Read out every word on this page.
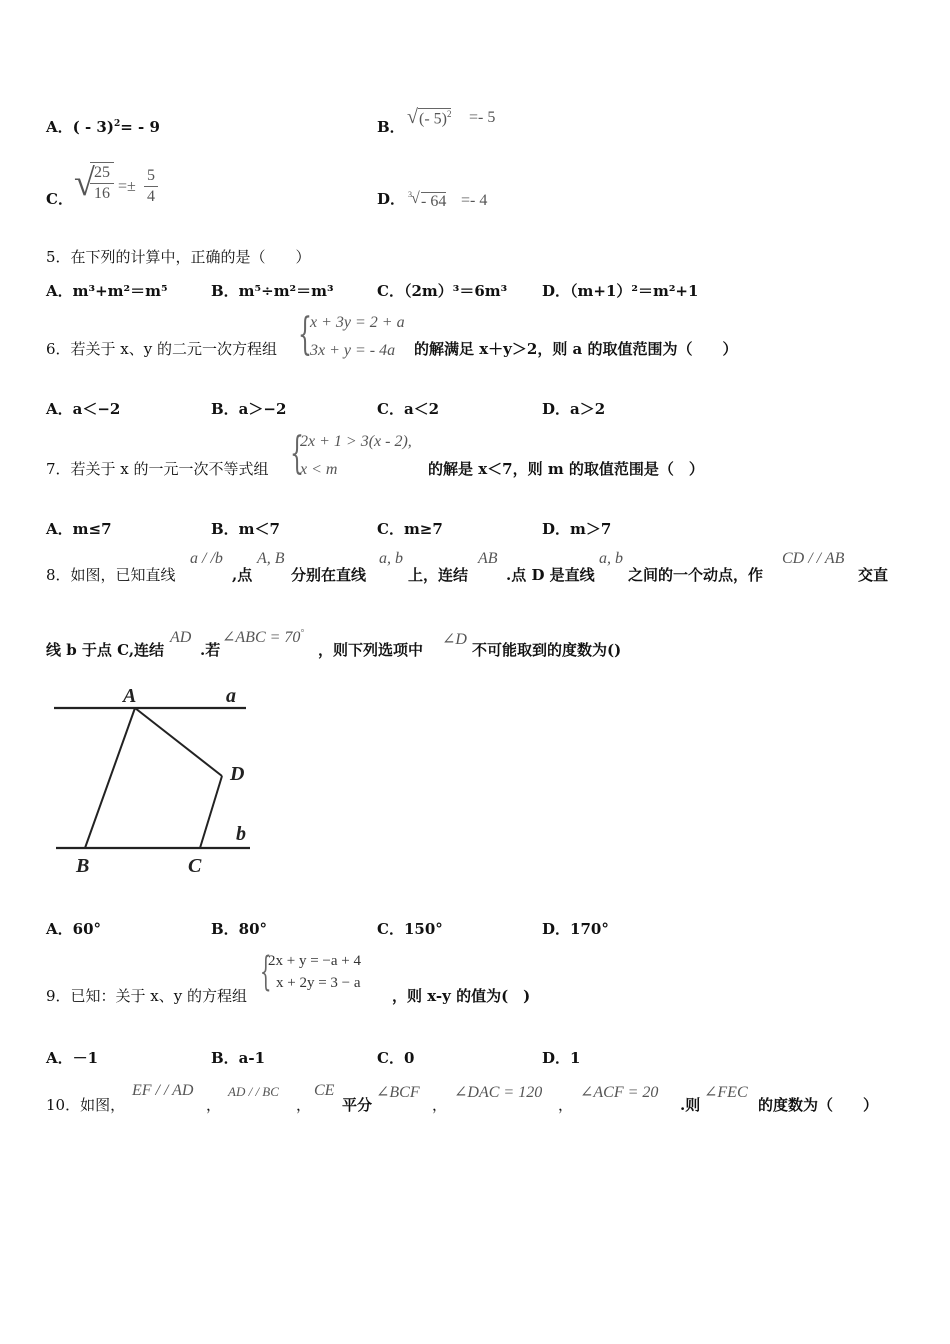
A．( - 3)$^2$= - 9	B． √ (- 5)$^2$ =- 5
C． √ 25
16 =±
5
4	D． 3 √ - 64 =- 4
5．在下列的计算中，正确的是（　　）
A．m³+m²＝m⁵	B．m⁵÷m²＝m³	C．（2m）³＝6m³ D．（m+1）²＝m²+1
6．若关于 x、y 的二元一次方程组 {
x + 3y = 2 + a
3x + y = - 4a 的解满足 x＋y＞2，则 a 的取值范围为（　　）
A．a＜−2	B．a＞−2	C．a＜2	D．a＞2
7．若关于 x 的一元一次不等式组 {
2x + 1 > 3(x - 2),
x < m	的解是 x＜7，则 m 的取值范围是（　）
A．m≤7	B．m＜7	C．m≥7	D．m＞7
8．如图，已知直线
a / /b
,点
A, B
分别在直线
a, b
上，连结
AB
.点 D 是直线
a, b
之间的一个动点，作
CD / / AB
交直
线 b 于点 C,连结
AD
.若
∠ABC = 70°
，则下列选项中
∠D
不可能取到的度数为()
A	a
D
b
B	C
A．60°	B．80°	C．150°	D．170°
9．已知：关于 x、y 的方程组
{
2x + y = −a + 4
x + 2y = 3 − a
，则 x-y 的值为(　)
A．－1	B．a-1	C．0	D．1
10．如图，
EF / / AD
，
AD / / BC
，
CE
平分
∠BCF
，
∠DAC = 120
，
∠ACF = 20
.则
∠FEC
的度数为（　　）
